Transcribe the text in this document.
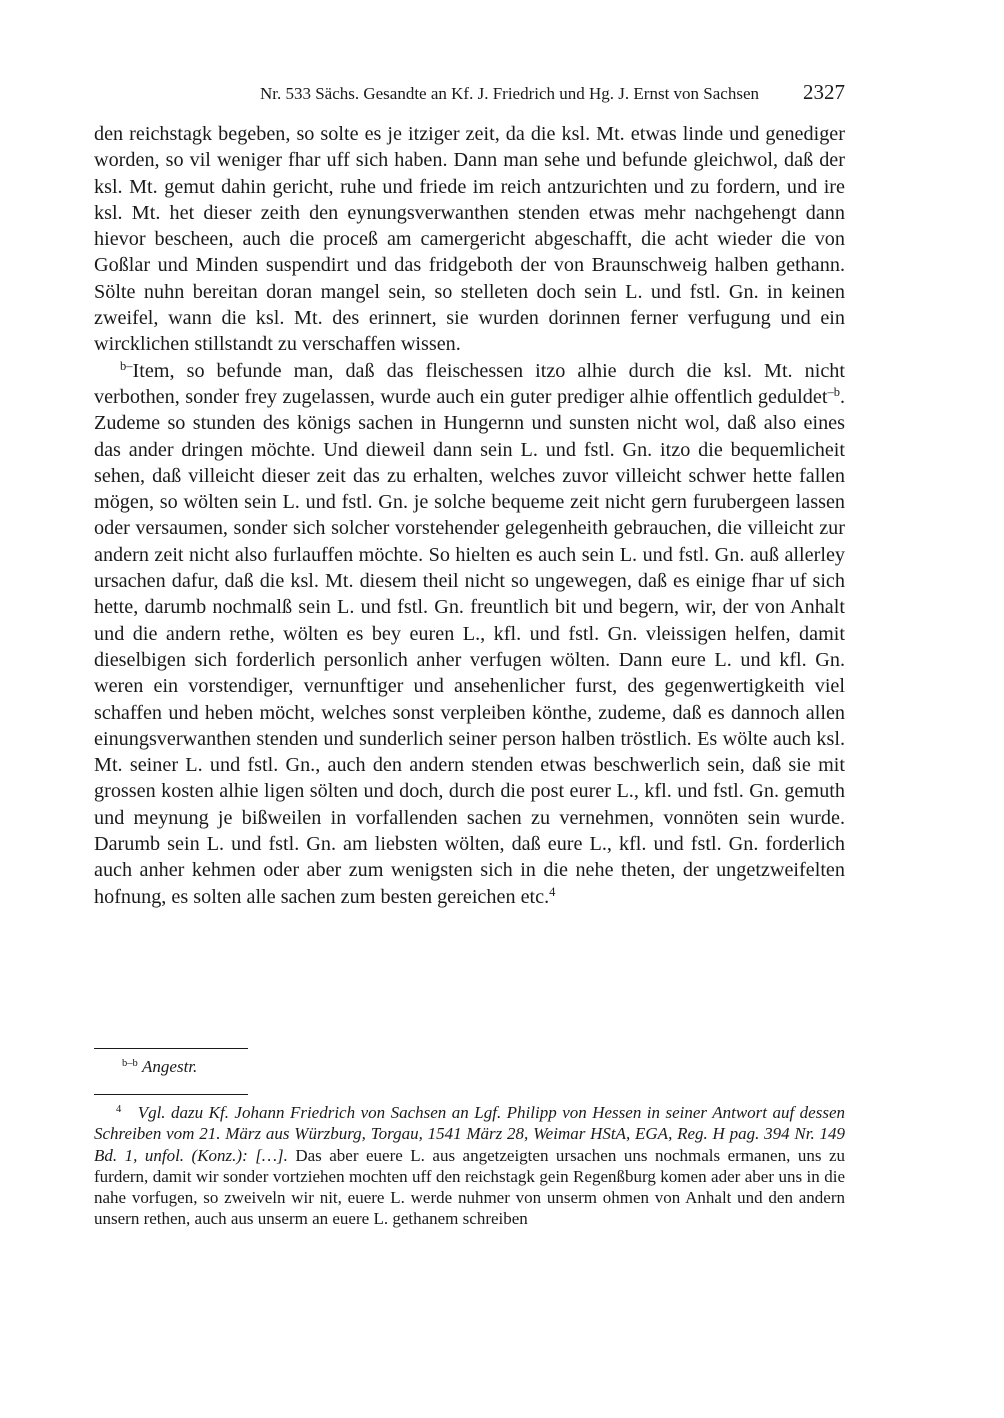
Nr. 533 Sächs. Gesandte an Kf. J. Friedrich und Hg. J. Ernst von Sachsen 2327

den reichstagk begeben, so solte es je itziger zeit, da die ksl. Mt. etwas linde und genediger worden, so vil weniger fhar uff sich haben. Dann man sehe und befunde gleichwol, daß der ksl. Mt. gemut dahin gericht, ruhe und friede im reich antzurichten und zu fordern, und ire ksl. Mt. het dieser zeith den eynungsverwanthen stenden etwas mehr nachgehengt dann hievor bescheen, auch die proceß am camergericht abgeschafft, die acht wieder die von Goßlar und Minden suspendirt und das fridgeboth der von Braunschweig halben gethann. Sölte nuhn bereitan doran mangel sein, so stelleten doch sein L. und fstl. Gn. in keinen zweifel, wann die ksl. Mt. des erinnert, sie wurden dorinnen ferner verfugung und ein wircklichen stillstandt zu verschaffen wissen.

$^{b-}$Item, so befunde man, daß das fleischessen itzo alhie durch die ksl. Mt. nicht verbothen, sonder frey zugelassen, wurde auch ein guter prediger alhie offentlich geduldet$^{-b}$. Zudeme so stunden des königs sachen in Hungernn und sunsten nicht wol, daß also eines das ander dringen möchte. Und dieweil dann sein L. und fstl. Gn. itzo die bequemlicheit sehen, daß villeicht dieser zeit das zu erhalten, welches zuvor villeicht schwer hette fallen mögen, so wölten sein L. und fstl. Gn. je solche bequeme zeit nicht gern furubergeen lassen oder versaumen, sonder sich solcher vorstehender gelegenheith gebrauchen, die villeicht zur andern zeit nicht also furlauffen möchte. So hielten es auch sein L. und fstl. Gn. auß allerley ursachen dafur, daß die ksl. Mt. diesem theil nicht so ungewegen, daß es einige fhar uf sich hette, darumb nochmalß sein L. und fstl. Gn. freuntlich bit und begern, wir, der von Anhalt und die andern rethe, wölten es bey euren L., kfl. und fstl. Gn. vleissigen helfen, damit dieselbigen sich forderlich personlich anher verfugen wölten. Dann eure L. und kfl. Gn. weren ein vorstendiger, vernunftiger und ansehenlicher furst, des gegenwertigkeith viel schaffen und heben möcht, welches sonst verpleiben könthe, zudeme, daß es dannoch allen einungsverwanthen stenden und sunderlich seiner person halben tröstlich. Es wölte auch ksl. Mt. seiner L. und fstl. Gn., auch den andern stenden etwas beschwerlich sein, daß sie mit grossen kosten alhie ligen sölten und doch, durch die post eurer L., kfl. und fstl. Gn. gemuth und meynung je bißweilen in vorfallenden sachen zu vernehmen, vonnöten sein wurde. Darumb sein L. und fstl. Gn. am liebsten wölten, daß eure L., kfl. und fstl. Gn. forderlich auch anher kehmen oder aber zum wenigsten sich in die nehe theten, der ungetzweifelten hofnung, es solten alle sachen zum besten gereichen etc.$^4$

$^{b-b}$ Angestr.
$^4$ Vgl. dazu Kf. Johann Friedrich von Sachsen an Lgf. Philipp von Hessen in seiner Antwort auf dessen Schreiben vom 21. März aus Würzburg, Torgau, 1541 März 28, Weimar HStA, EGA, Reg. H pag. 394 Nr. 149 Bd. 1, unfol. (Konz.): […]. Das aber euere L. aus angetzeigten ursachen uns nochmals ermanen, uns zu furdern, damit wir sonder vortziehen mochten uff den reichstagk gein Regenßburg komen ader aber uns in die nahe vorfugen, so zweiveln wir nit, euere L. werde nuhmer von unserm ohmen von Anhalt und den andern unsern rethen, auch aus unserm an euere L. gethanem schreiben
